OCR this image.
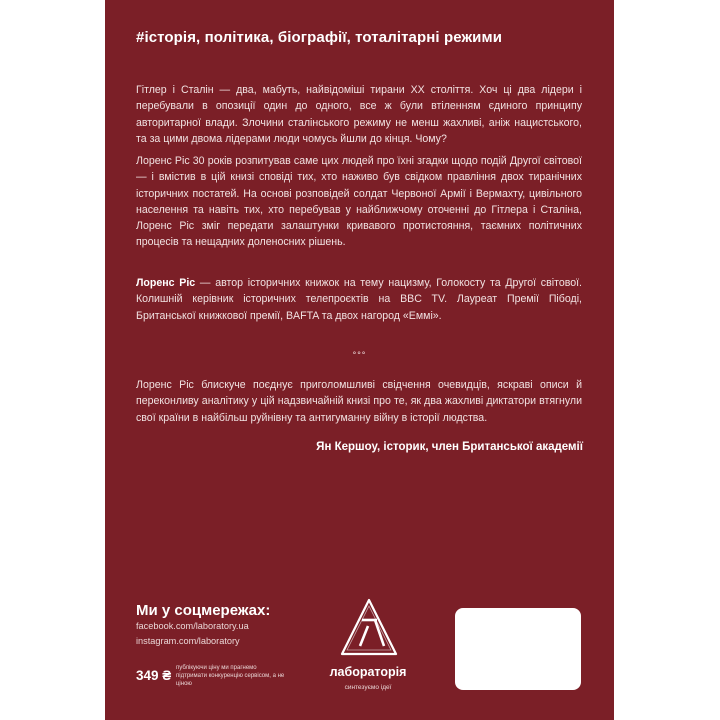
#історія, політика, біографії, тоталітарні режими
Гітлер і Сталін — два, мабуть, найвідоміші тирани XX століття. Хоч ці два лідери і перебували в опозиції один до одного, все ж були втіленням єдиного принципу авторитарної влади. Злочини сталінського режиму не менш жахливі, аніж нацистського, та за цими двома лідерами люди чомусь йшли до кінця. Чому?
Лоренс Ріс 30 років розпитував саме цих людей про їхні згадки щодо подій Другої світової — і вмістив в цій книзі сповіді тих, хто наживо був свідком правління двох тиранічних історичних постатей. На основі розповідей солдат Червоної Армії і Вермахту, цивільного населення та навіть тих, хто перебував у найближчому оточенні до Гітлера і Сталіна, Лоренс Ріс зміг передати залаштунки кривавого протистояння, таємних політичних процесів та нещадних доленосних рішень.
Лоренс Ріс — автор історичних книжок на тему нацизму, Голокосту та Другої світової. Колишній керівник історичних телепроєктів на BBC TV. Лауреат Премії Пібоді, Британської книжкової премії, BAFTA та двох нагород «Еммі».
°°°
Лоренс Ріс блискуче поєднує приголомшливі свідчення очевидців, яскраві описи й переконливу аналітику у цій надзвичайній книзі про те, як два жахливі диктатори втягнули свої країни в найбільш руйнівну та антигуманну війну в історії людства.
Ян Кершоу, історик, член Британської академії
Ми у соцмережах:
facebook.com/laboratory.ua
instagram.com/laboratory
349 ₴ публікуючи ціну ми прагнемо підтримати конкуренцію сервісом, а не ціною
лабораторія
синтезуємо ідеї
